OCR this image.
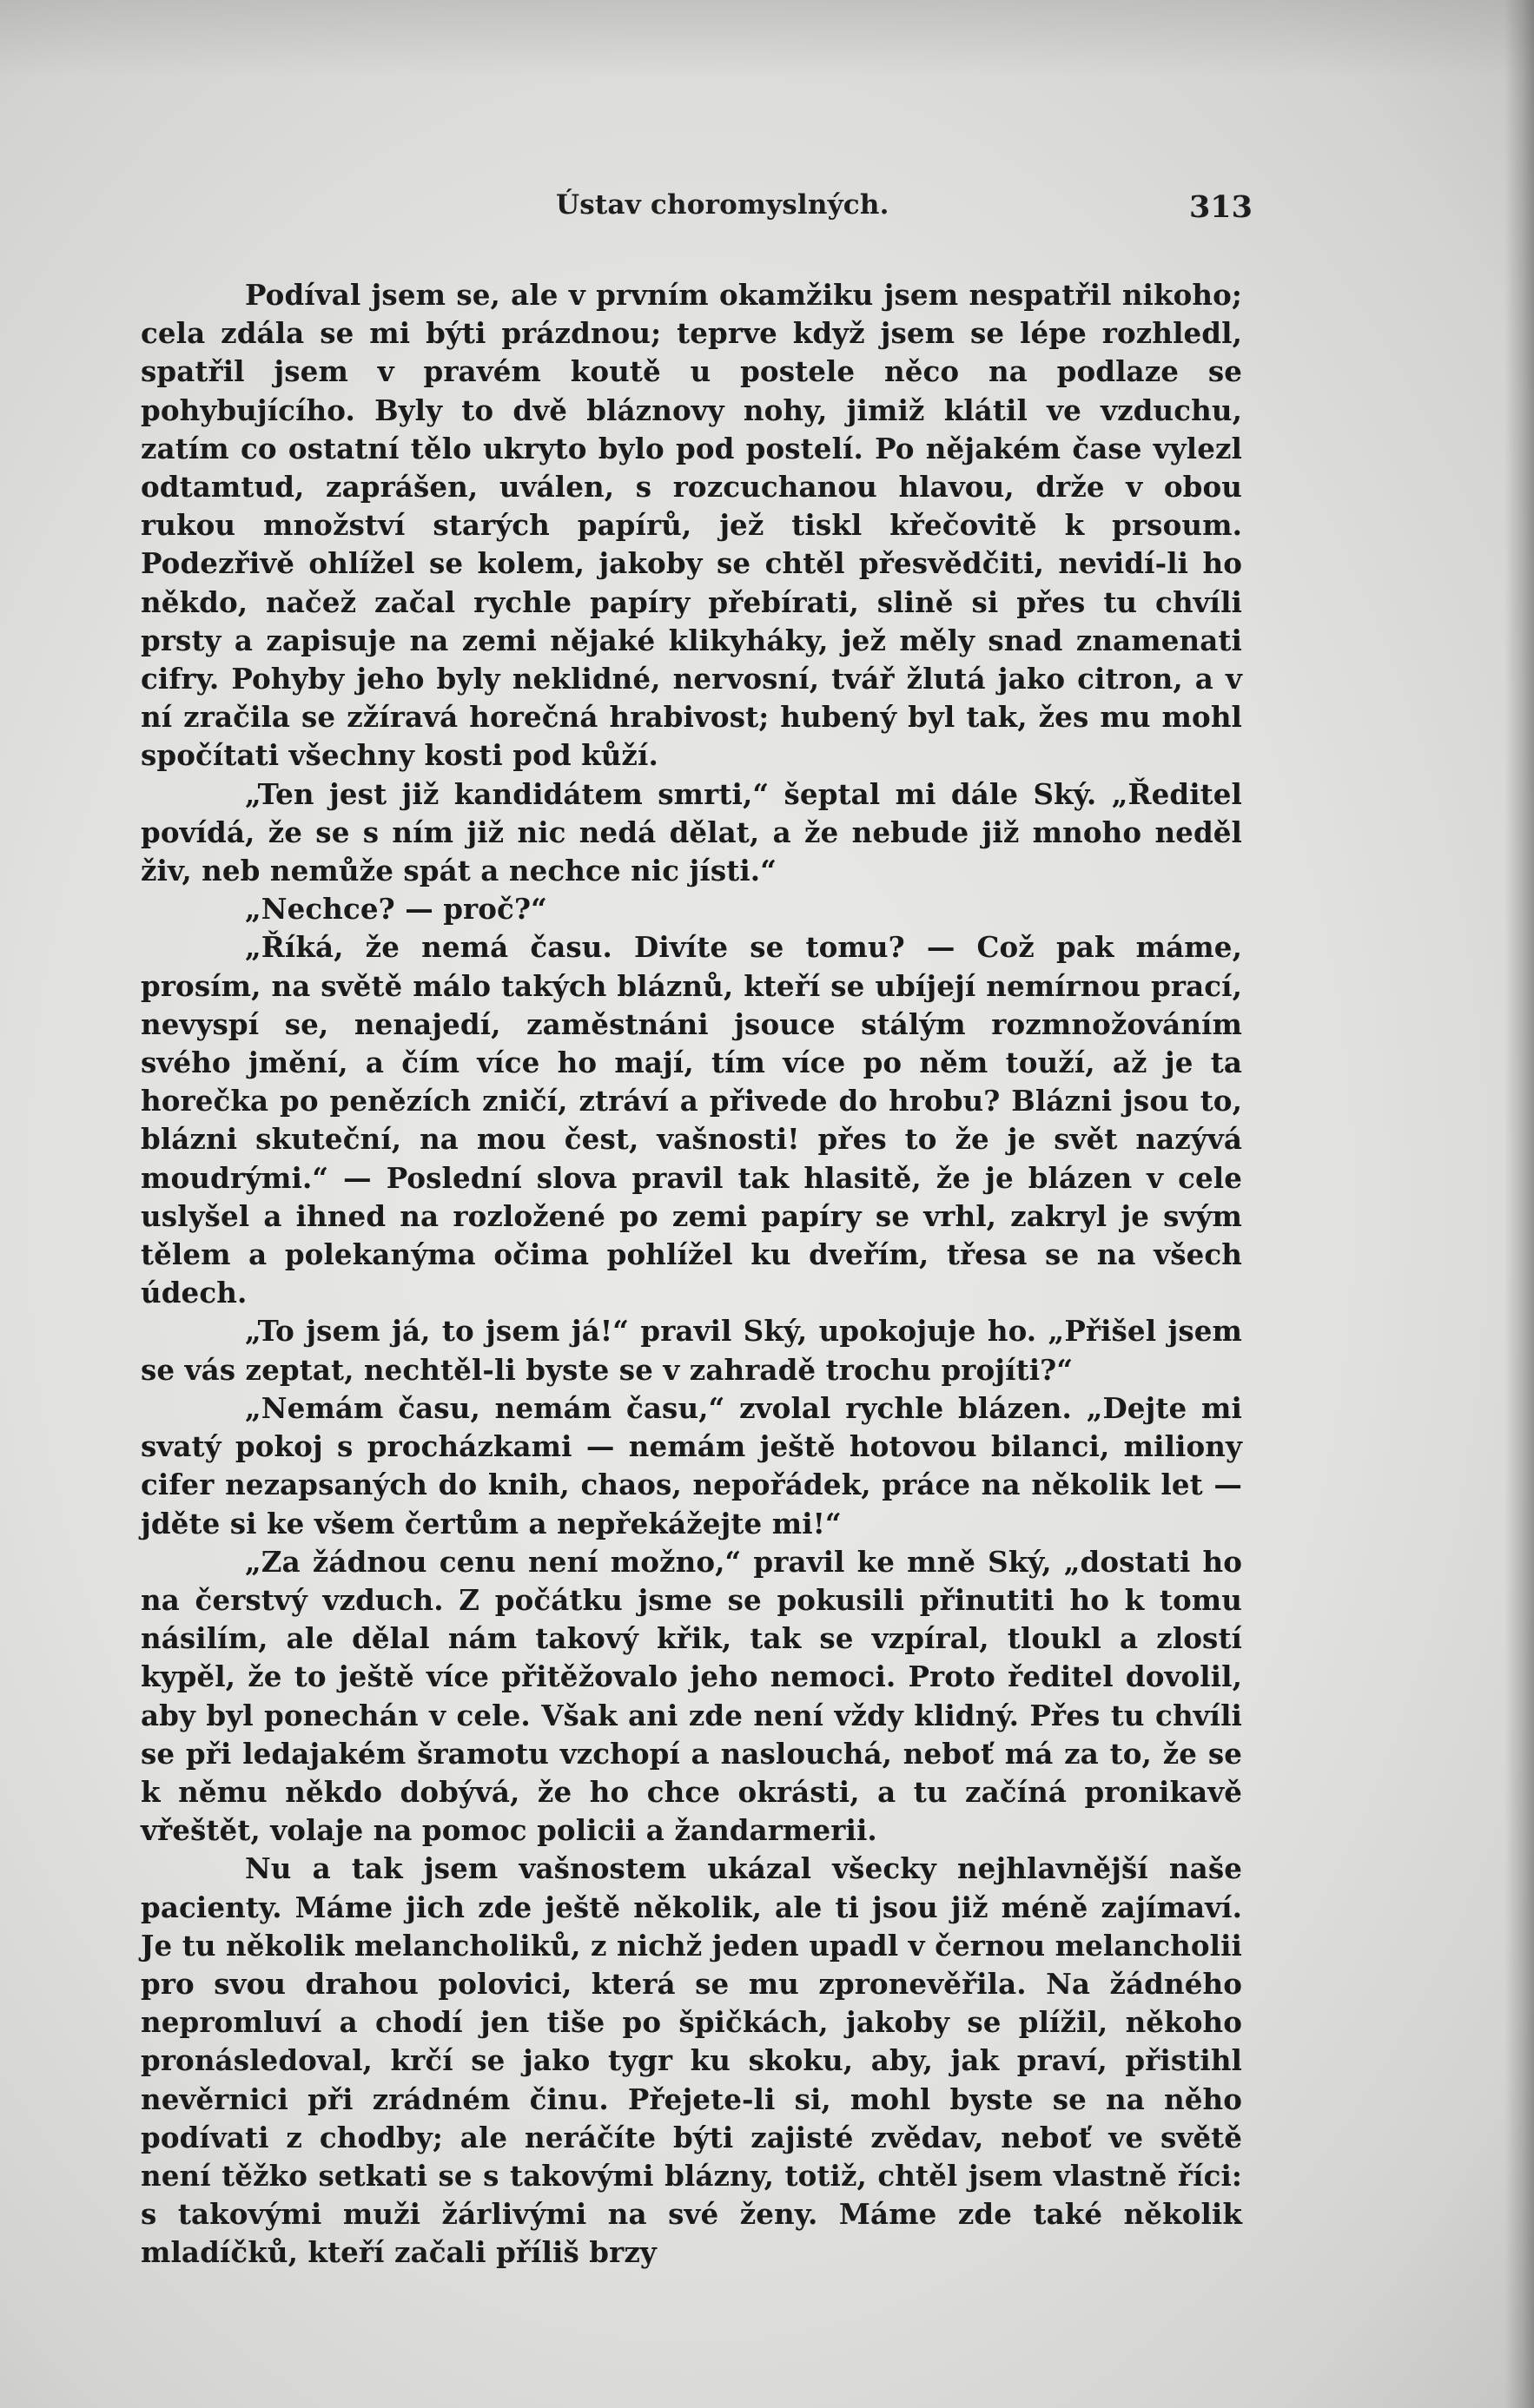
Ústav choromyslných.	313

Podíval jsem se, ale v prvním okamžiku jsem nespatřil nikoho; cela zdála se mi býti prázdnou; teprve když jsem se lépe rozhledl, spatřil jsem v pravém koutě u postele něco na podlaze se pohybujícího. Byly to dvě bláznovy nohy, jimiž klátil ve vzduchu, zatím co ostatní tělo ukryto bylo pod postelí. Po nějakém čase vylezl odtamtud, zaprášen, uválen, s rozcuchanou hlavou, drže v obou rukou množství starých papírů, jež tiskl křečovitě k prsoum. Podezřivě ohlížel se kolem, jakoby se chtěl přesvědčiti, nevidí-li ho někdo, načež začal rychle papíry přebírati, slině si přes tu chvíli prsty a zapisuje na zemi nějaké klikyháky, jež měly snad znamenati cifry. Pohyby jeho byly neklidné, nervosní, tvář žlutá jako citron, a v ní zračila se zžíravá horečná hrabivost; hubený byl tak, žes mu mohl spočítati všechny kosti pod kůží.

„Ten jest již kandidátem smrti,“ šeptal mi dále Ský. „Ředitel povídá, že se s ním již nic nedá dělat, a že nebude již mnoho neděl živ, neb nemůže spát a nechce nic jísti.“

„Nechce? — proč?“

„Říká, že nemá času. Divíte se tomu? — Což pak máme, prosím, na světě málo takých bláznů, kteří se ubíjejí nemírnou prací, nevyspí se, nenajedí, zaměstnáni jsouce stálým rozmnožováním svého jmění, a čím více ho mají, tím více po něm touží, až je ta horečka po penězích zničí, ztráví a přivede do hrobu? Blázni jsou to, blázni skuteční, na mou čest, vašnosti! přes to že je svět nazývá moudrými.“ — Poslední slova pravil tak hlasitě, že je blázen v cele uslyšel a ihned na rozložené po zemi papíry se vrhl, zakryl je svým tělem a polekanýma očima pohlížel ku dveřím, třesa se na všech údech.

„To jsem já, to jsem já!“ pravil Ský, upokojuje ho. „Přišel jsem se vás zeptat, nechtěl-li byste se v zahradě trochu projíti?“

„Nemám času, nemám času,“ zvolal rychle blázen. „Dejte mi svatý pokoj s procházkami — nemám ještě hotovou bilanci, miliony cifer nezapsaných do knih, chaos, nepořádek, práce na několik let — jděte si ke všem čertům a nepřekážejte mi!“

„Za žádnou cenu není možno,“ pravil ke mně Ský, „dostati ho na čerstvý vzduch. Z počátku jsme se pokusili přinutiti ho k tomu násilím, ale dělal nám takový křik, tak se vzpíral, tloukl a zlostí kypěl, že to ještě více přitěžovalo jeho nemoci. Proto ředitel dovolil, aby byl ponechán v cele. Však ani zde není vždy klidný. Přes tu chvíli se při ledajakém šramotu vzchopí a naslouchá, neboť má za to, že se k němu někdo dobývá, že ho chce okrásti, a tu začíná pronikavě vřeštět, volaje na pomoc policii a žandarmerii.

Nu a tak jsem vašnostem ukázal všecky nejhlavnější naše pacienty. Máme jich zde ještě několik, ale ti jsou již méně zajímaví. Je tu několik melancholiků, z nichž jeden upadl v černou melancholii pro svou drahou polovici, která se mu zpronevěřila. Na žádného nepromluví a chodí jen tiše po špičkách, jakoby se plížil, někoho pronásledoval, krčí se jako tygr ku skoku, aby, jak praví, přistihl nevěrnici při zrádném činu. Přejete-li si, mohl byste se na něho podívati z chodby; ale neráčíte býti zajisté zvědav, neboť ve světě není těžko setkati se s takovými blázny, totiž, chtěl jsem vlastně říci: s takovými muži žárlivými na své ženy. Máme zde také několik mladíčků, kteří začali příliš brzy
